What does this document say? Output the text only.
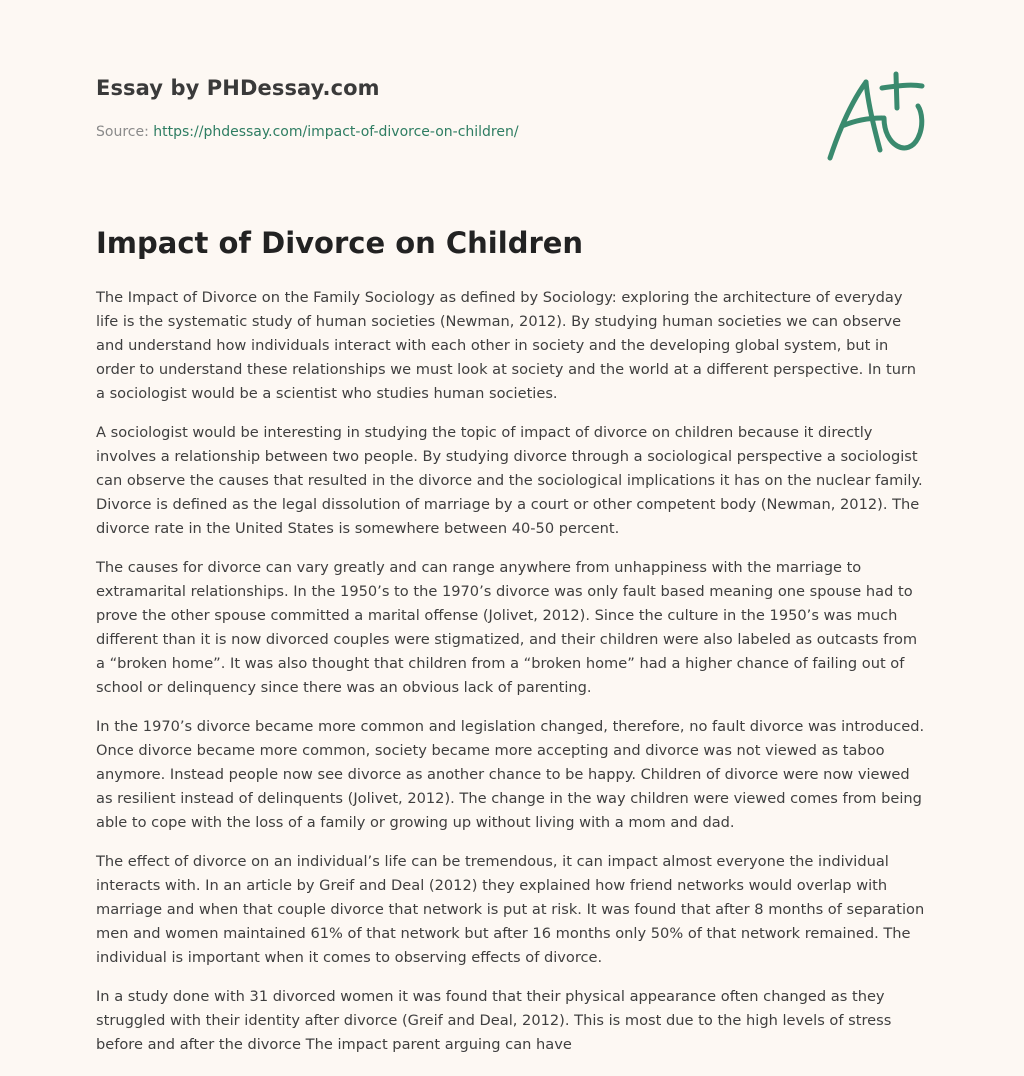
Essay by PHDessay.com

Source: https://phdessay.com/impact-of-divorce-on-children/

Impact of Divorce on Children

The Impact of Divorce on the Family Sociology as defined by Sociology: exploring the architecture of everyday life is the systematic study of human societies (Newman, 2012). By studying human societies we can observe and understand how individuals interact with each other in society and the developing global system, but in order to understand these relationships we must look at society and the world at a different perspective. In turn a sociologist would be a scientist who studies human societies.

A sociologist would be interesting in studying the topic of impact of divorce on children because it directly involves a relationship between two people. By studying divorce through a sociological perspective a sociologist can observe the causes that resulted in the divorce and the sociological implications it has on the nuclear family. Divorce is defined as the legal dissolution of marriage by a court or other competent body (Newman, 2012). The divorce rate in the United States is somewhere between 40-50 percent.

The causes for divorce can vary greatly and can range anywhere from unhappiness with the marriage to extramarital relationships. In the 1950’s to the 1970’s divorce was only fault based meaning one spouse had to prove the other spouse committed a marital offense (Jolivet, 2012). Since the culture in the 1950’s was much different than it is now divorced couples were stigmatized, and their children were also labeled as outcasts from a “broken home”. It was also thought that children from a “broken home” had a higher chance of failing out of school or delinquency since there was an obvious lack of parenting.

In the 1970’s divorce became more common and legislation changed, therefore, no fault divorce was introduced. Once divorce became more common, society became more accepting and divorce was not viewed as taboo anymore. Instead people now see divorce as another chance to be happy. Children of divorce were now viewed as resilient instead of delinquents (Jolivet, 2012). The change in the way children were viewed comes from being able to cope with the loss of a family or growing up without living with a mom and dad.

The effect of divorce on an individual’s life can be tremendous, it can impact almost everyone the individual interacts with. In an article by Greif and Deal (2012) they explained how friend networks would overlap with marriage and when that couple divorce that network is put at risk. It was found that after 8 months of separation men and women maintained 61% of that network but after 16 months only 50% of that network remained. The individual is important when it comes to observing effects of divorce.

In a study done with 31 divorced women it was found that their physical appearance often changed as they struggled with their identity after divorce (Greif and Deal, 2012). This is most due to the high levels of stress before and after the divorce The impact parent arguing can have
